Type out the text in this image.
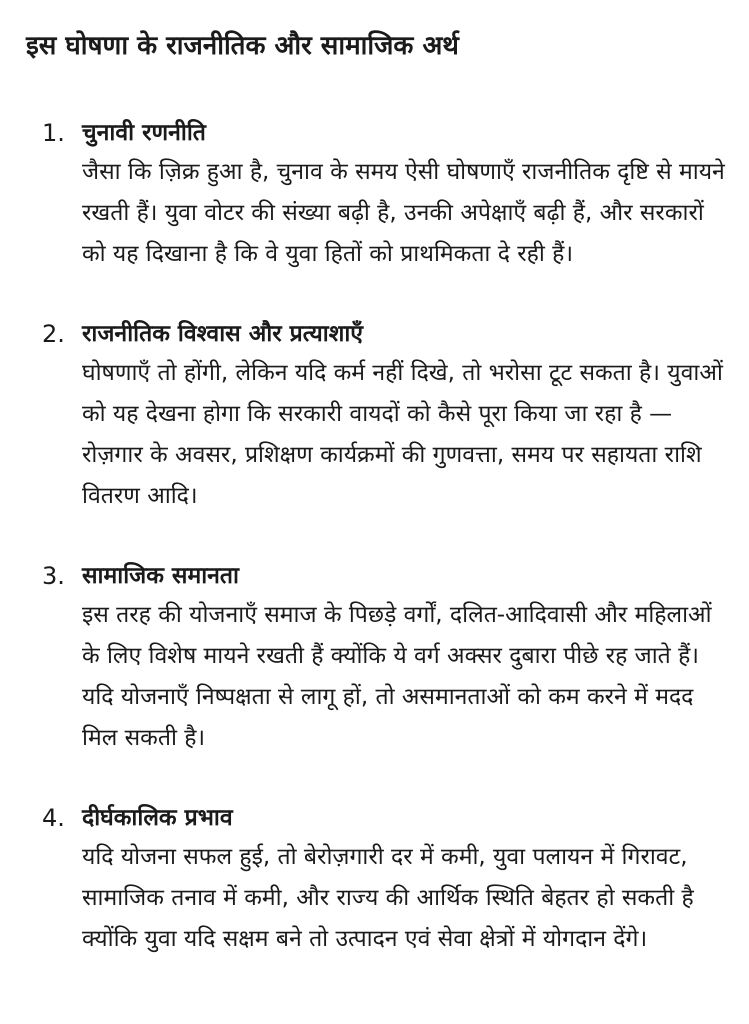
इस घोषणा के राजनीतिक और सामाजिक अर्थ
1. चुनावी रणनीति

जैसा कि ज़िक्र हुआ है, चुनाव के समय ऐसी घोषणाएँ राजनीतिक दृष्टि से मायने रखती हैं। युवा वोटर की संख्या बढ़ी है, उनकी अपेक्षाएँ बढ़ी हैं, और सरकारों को यह दिखाना है कि वे युवा हितों को प्राथमिकता दे रही हैं।

2. राजनीतिक विश्वास और प्रत्याशाएँ

घोषणाएँ तो होंगी, लेकिन यदि कर्म नहीं दिखे, तो भरोसा टूट सकता है। युवाओं को यह देखना होगा कि सरकारी वायदों को कैसे पूरा किया जा रहा है — रोज़गार के अवसर, प्रशिक्षण कार्यक्रमों की गुणवत्ता, समय पर सहायता राशि वितरण आदि।

3. सामाजिक समानता

इस तरह की योजनाएँ समाज के पिछड़े वर्गों, दलित-आदिवासी और महिलाओं के लिए विशेष मायने रखती हैं क्योंकि ये वर्ग अक्सर दुबारा पीछे रह जाते हैं। यदि योजनाएँ निष्पक्षता से लागू हों, तो असमानताओं को कम करने में मदद मिल सकती है।

4. दीर्घकालिक प्रभाव

यदि योजना सफल हुई, तो बेरोज़गारी दर में कमी, युवा पलायन में गिरावट, सामाजिक तनाव में कमी, और राज्य की आर्थिक स्थिति बेहतर हो सकती है क्योंकि युवा यदि सक्षम बने तो उत्पादन एवं सेवा क्षेत्रों में योगदान देंगे।
